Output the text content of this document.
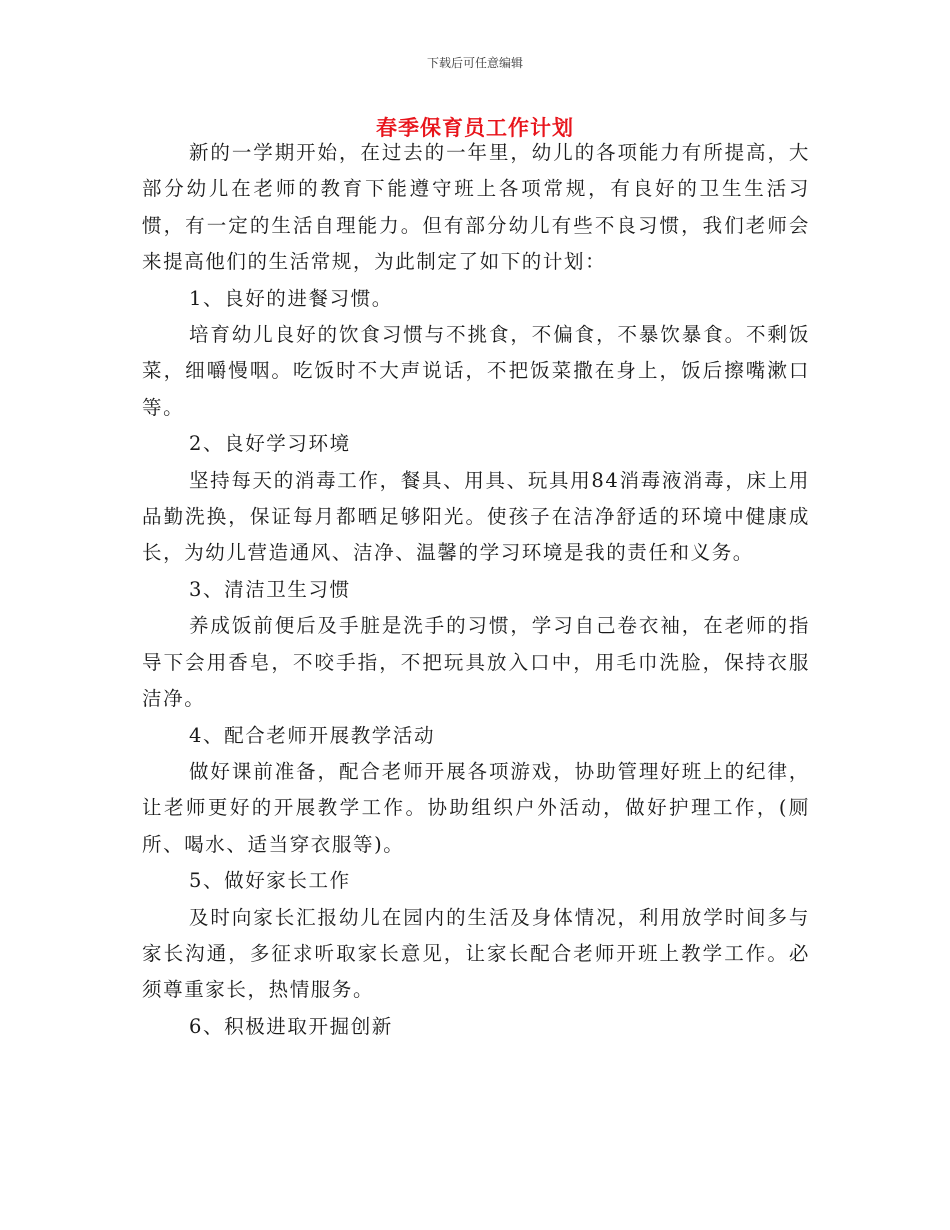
下载后可任意编辑
春季保育员工作计划

新的一学期开始，在过去的一年里，幼儿的各项能力有所提高，大部分幼儿在老师的教育下能遵守班上各项常规，有良好的卫生生活习惯，有一定的生活自理能力。但有部分幼儿有些不良习惯，我们老师会来提高他们的生活常规，为此制定了如下的计划：

1、良好的进餐习惯。

培育幼儿良好的饮食习惯与不挑食，不偏食，不暴饮暴食。不剩饭菜，细嚼慢咽。吃饭时不大声说话，不把饭菜撒在身上，饭后擦嘴漱口等。

2、良好学习环境

坚持每天的消毒工作，餐具、用具、玩具用84消毒液消毒，床上用品勤洗换，保证每月都晒足够阳光。使孩子在洁净舒适的环境中健康成长，为幼儿营造通风、洁净、温馨的学习环境是我的责任和义务。

3、清洁卫生习惯

养成饭前便后及手脏是洗手的习惯，学习自己卷衣袖，在老师的指导下会用香皂，不咬手指，不把玩具放入口中，用毛巾洗脸，保持衣服洁净。

4、配合老师开展教学活动

做好课前准备，配合老师开展各项游戏，协助管理好班上的纪律，让老师更好的开展教学工作。协助组织户外活动，做好护理工作，(厕所、喝水、适当穿衣服等)。

5、做好家长工作

及时向家长汇报幼儿在园内的生活及身体情况，利用放学时间多与家长沟通，多征求听取家长意见，让家长配合老师开班上教学工作。必须尊重家长，热情服务。

6、积极进取开掘创新
